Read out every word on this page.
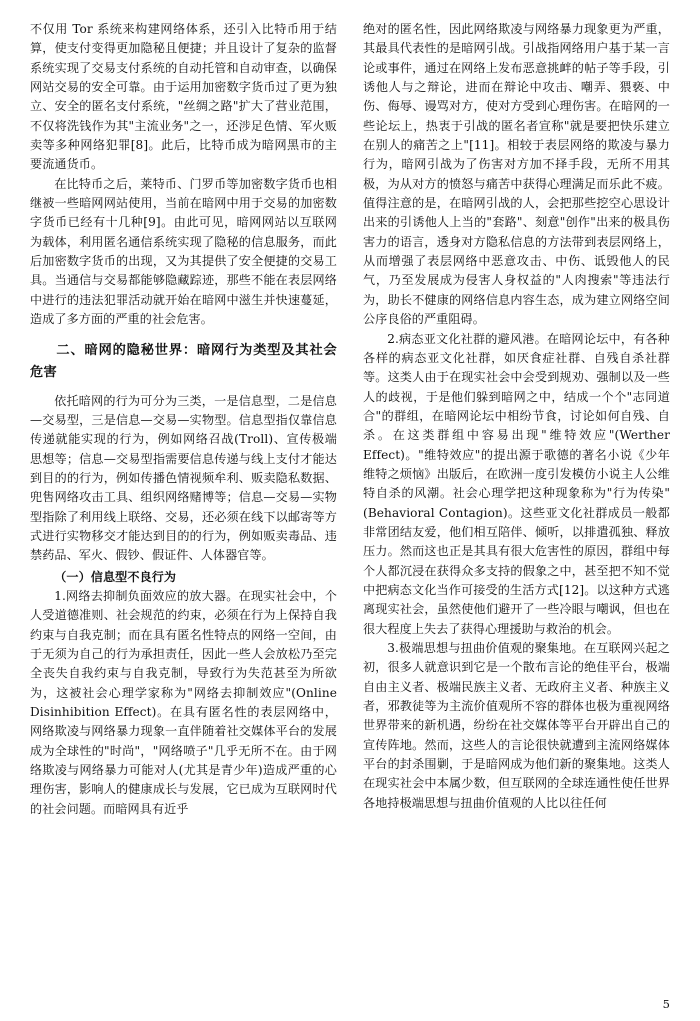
不仅用 Tor 系统来构建网络体系，还引入比特币用于结算，使支付变得更加隐秘且便捷；并且设计了复杂的监督系统实现了交易支付系统的自动托管和自动审查，以确保网站交易的安全可靠。由于运用加密数字货币过了更为独立、安全的匿名支付系统，"丝绸之路"扩大了营业范围，不仅将洗钱作为其"主流业务"之一，还涉足色情、军火贩卖等多种网络犯罪[8]。此后，比特币成为暗网黑市的主要流通货币。

在比特币之后，莱特币、门罗币等加密数字货币也相继被一些暗网网站使用，当前在暗网中用于交易的加密数字货币已经有十几种[9]。由此可见，暗网网站以互联网为载体，利用匿名通信系统实现了隐秘的信息服务，而此后加密数字货币的出现，又为其提供了安全便捷的交易工具。当通信与交易都能够隐藏踪迹，那些不能在表层网络中进行的违法犯罪活动就开始在暗网中滋生并快速蔓延，造成了多方面的严重的社会危害。

二、暗网的隐秘世界：暗网行为类型及其社会危害

依托暗网的行为可分为三类，一是信息型，二是信息—交易型，三是信息—交易—实物型。信息型指仅靠信息传递就能实现的行为，例如网络召战(Troll)、宣传极端思想等；信息—交易型指需要信息传递与线上支付才能达到目的的行为，例如传播色情视频牟利、贩卖隐私数据、兜售网络攻击工具、组织网络赌博等；信息—交易—实物型指除了利用线上联络、交易，还必须在线下以邮寄等方式进行实物移交才能达到目的的行为，例如贩卖毒品、违禁药品、军火、假钞、假证件、人体器官等。

（一）信息型不良行为

1.网络去抑制负面效应的放大器。在现实社会中，个人受道德准则、社会规范的约束，必须在行为上保持自我约束与自我克制；而在具有匿名性特点的网络一空间，由于无须为自己的行为承担责任，因此一些人会放松乃至完全丧失自我约束与自我克制，导致行为失范甚至为所欲为，这被社会心理学家称为"网络去抑制效应"(Online Disinhibition Effect)。在具有匿名性的表层网络中，网络欺凌与网络暴力现象一直伴随着社交媒体平台的发展成为全球性的"时尚"，"网络喷子"几乎无所不在。由于网络欺凌与网络暴力可能对人(尤其是青少年)造成严重的心理伤害，影响人的健康成长与发展，它已成为互联网时代的社会问题。而暗网具有近乎

绝对的匿名性，因此网络欺凌与网络暴力现象更为严重，其最具代表性的是暗网引战。引战指网络用户基于某一言论或事件，通过在网络上发布恶意挑衅的帖子等手段，引诱他人与之辩论，进而在辩论中攻击、嘲弄、猥亵、中伤、侮辱、谩骂对方，使对方受到心理伤害。在暗网的一些论坛上，热衷于引战的匿名者宣称"就是要把快乐建立在别人的痛苦之上"[11]。相较于表层网络的欺凌与暴力行为，暗网引战为了伤害对方加不择手段，无所不用其极，为从对方的愤怒与痛苦中获得心理满足而乐此不疲。值得注意的是，在暗网引战的人，会把那些挖空心思设计出来的引诱他人上当的"套路"、刻意"创作"出来的极具伤害力的语言，透身对方隐私信息的方法带到表层网络上，从而增强了表层网络中恶意攻击、中伤、诋毁他人的民气，乃至发展成为侵害人身权益的"人肉搜索"等违法行为，助长不健康的网络信息内容生态，成为建立网络空间公序良俗的严重阻碍。

2.病态亚文化社群的避风港。在暗网论坛中，有各种各样的病态亚文化社群，如厌食症社群、自残自杀社群等。这类人由于在现实社会中会受到规劝、强制以及一些人的歧视，于是他们躲到暗网之中，结成一个个"志同道合"的群组，在暗网论坛中相纷节食，讨论如何自残、自杀。在这类群组中容易出现"维特效应"(Werther Effect)。"维特效应"的提出源于歌德的著名小说《少年维特之烦恼》出版后，在欧洲一度引发模仿小说主人公维特自杀的风潮。社会心理学把这种现象称为"行为传染"(Behavioral Contagion)。这些亚文化社群成员一般都非常团结友爱，他们相互陪伴、倾听，以排遣孤独、释放压力。然而这也正是其具有很大危害性的原因，群组中每个人都沉浸在获得众多支持的假象之中，甚至把不知不觉中把病态文化当作可接受的生活方式[12]。以这种方式逃离现实社会，虽然使他们避开了一些冷眼与嘲讽，但也在很大程度上失去了获得心理援助与救治的机会。

3.极端思想与扭曲价值观的聚集地。在互联网兴起之初，很多人就意识到它是一个散布言论的绝佳平台，极端自由主义者、极端民族主义者、无政府主义者、种族主义者，邪教徒等为主流价值观所不容的群体也极为重视网络世界带来的新机遇，纷纷在社交媒体等平台开辟出自己的宣传阵地。然而，这些人的言论很快就遭到主流网络媒体平台的封杀围剿，于是暗网成为他们新的聚集地。这类人在现实社会中本属少数，但互联网的全球连通性使任世界各地持极端思想与扭曲价值观的人比以往任何

5
